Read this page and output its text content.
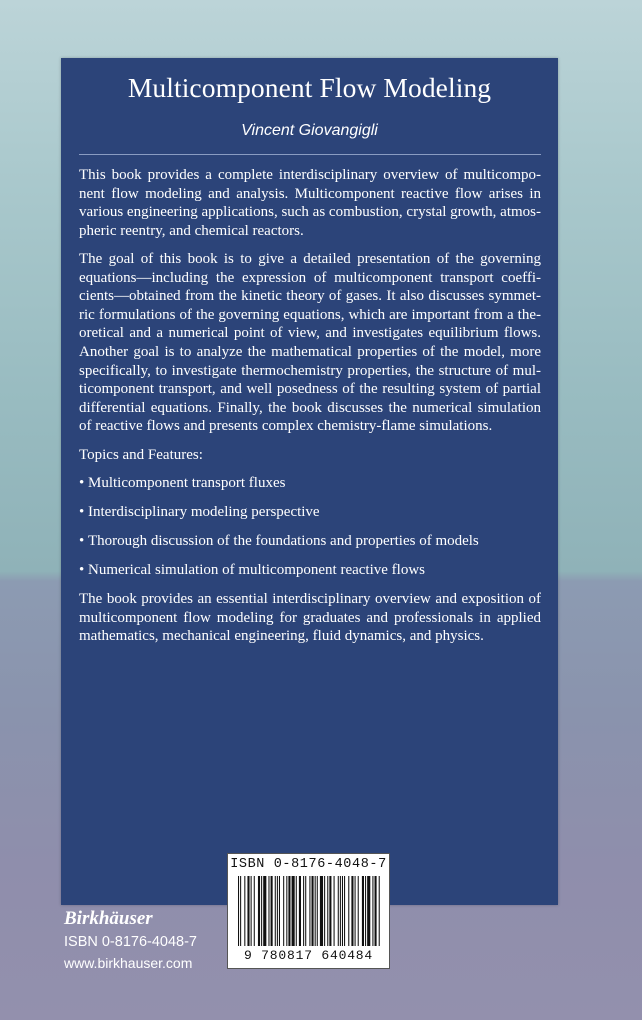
Multicomponent Flow Modeling
Vincent Giovangigli

This book provides a complete interdisciplinary overview of multicomponent flow modeling and analysis. Multicomponent reactive flow arises in various engineering applications, such as combustion, crystal growth, atmospheric reentry, and chemical reactors.

The goal of this book is to give a detailed presentation of the governing equations—including the expression of multicomponent transport coefficients—obtained from the kinetic theory of gases. It also discusses symmetric formulations of the governing equations, which are important from a theoretical and a numerical point of view, and investigates equilibrium flows. Another goal is to analyze the mathematical properties of the model, more specifically, to investigate thermochemistry properties, the structure of multicomponent transport, and well posedness of the resulting system of partial differential equations. Finally, the book discusses the numerical simulation of reactive flows and presents complex chemistry-flame simulations.

Topics and Features:

• Multicomponent transport fluxes
• Interdisciplinary modeling perspective
• Thorough discussion of the foundations and properties of models
• Numerical simulation of multicomponent reactive flows

The book provides an essential interdisciplinary overview and exposition of multicomponent flow modeling for graduates and professionals in applied mathematics, mechanical engineering, fluid dynamics, and physics.

Birkhäuser
ISBN 0-8176-4048-7
www.birkhauser.com
ISBN 0-8176-4048-7
9 780817 640484
